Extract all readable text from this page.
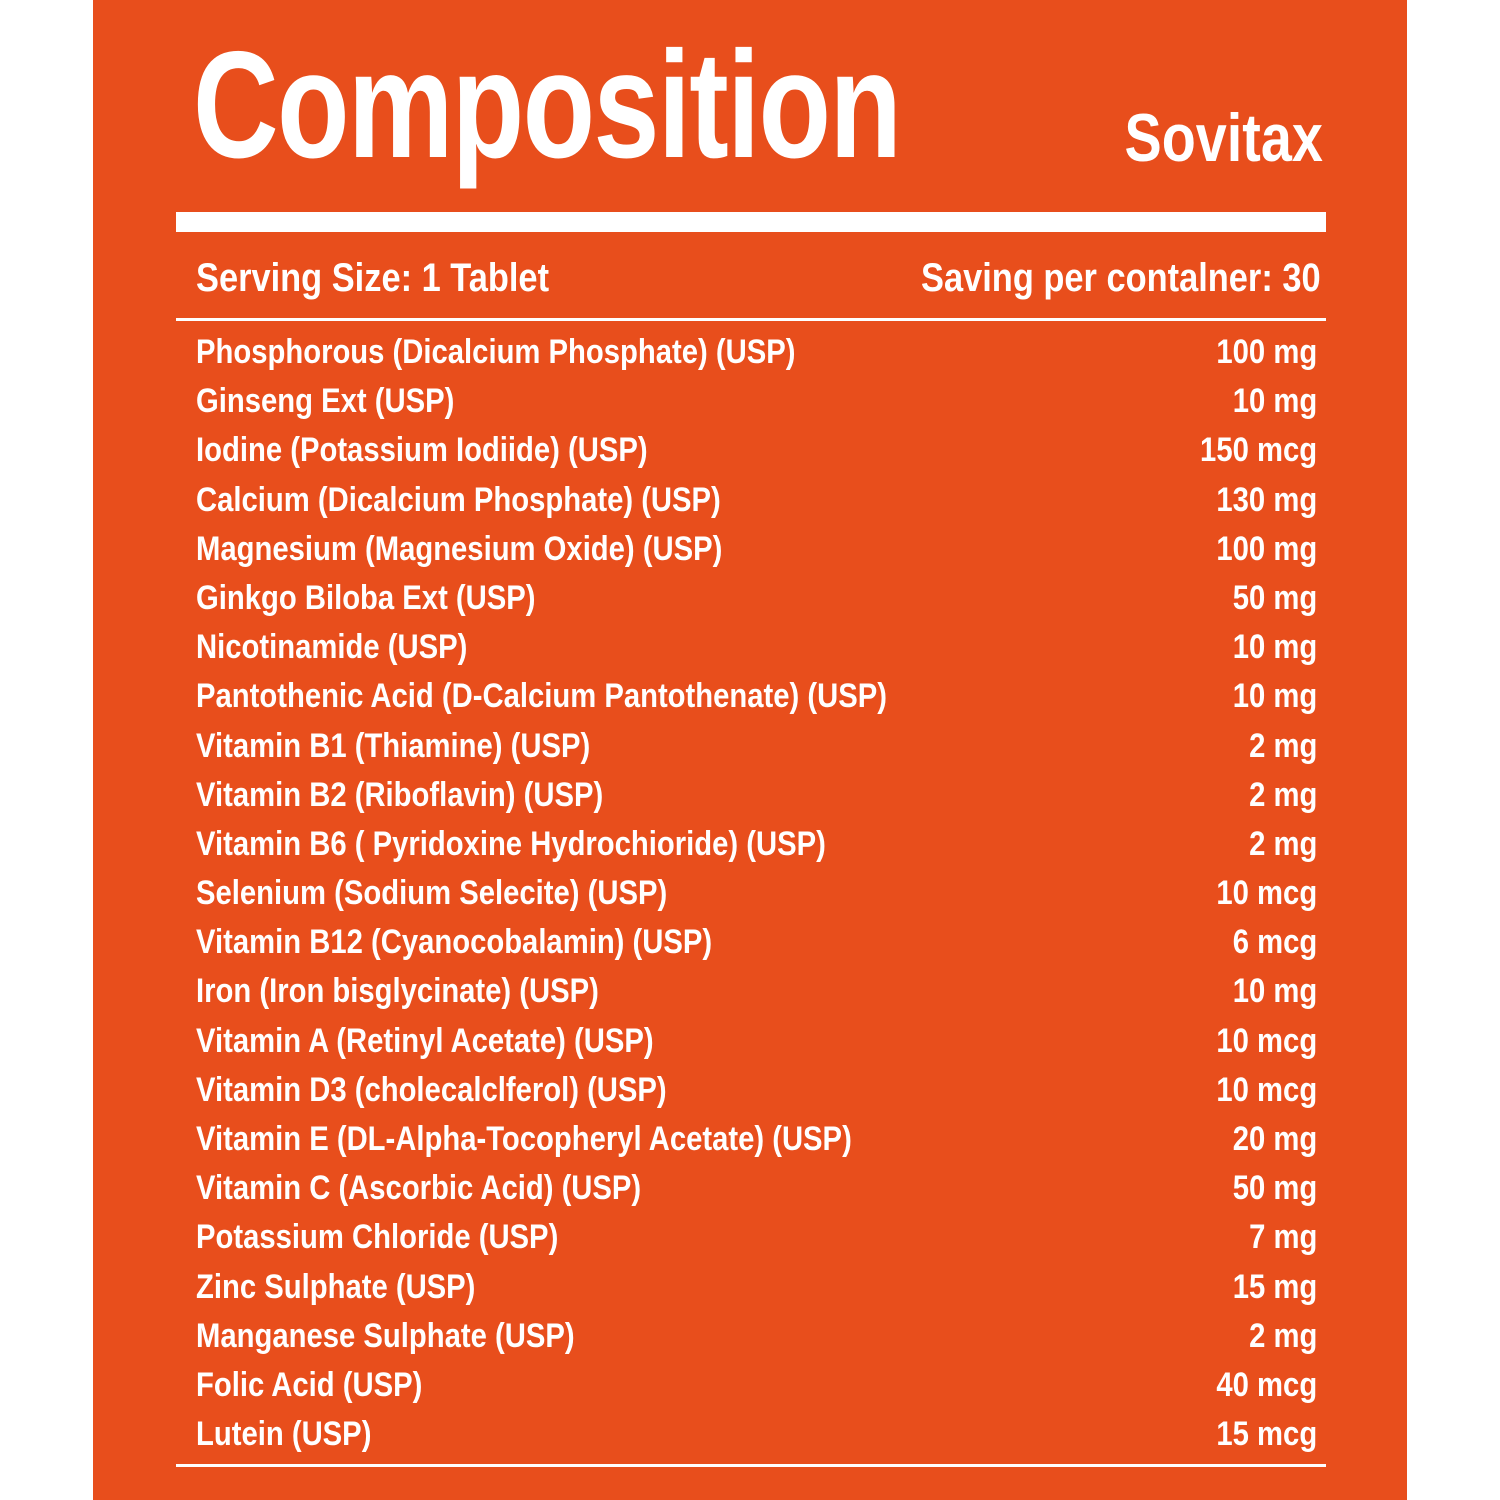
Composition	Sovitax
Serving Size: 1 Tablet	Saving per contalner: 30
Phosphorous (Dicalcium Phosphate) (USP)	100 mg
Ginseng Ext (USP)	10 mg
Iodine (Potassium Iodiide) (USP)	150 mcg
Calcium (Dicalcium Phosphate) (USP)	130 mg
Magnesium (Magnesium Oxide) (USP)	100 mg
Ginkgo Biloba Ext (USP)	50 mg
Nicotinamide (USP)	10 mg
Pantothenic Acid (D-Calcium Pantothenate) (USP)	10 mg
Vitamin B1 (Thiamine) (USP)	2 mg
Vitamin B2 (Riboflavin) (USP)	2 mg
Vitamin B6 ( Pyridoxine Hydrochioride) (USP)	2 mg
Selenium (Sodium Selecite) (USP)	10 mcg
Vitamin B12 (Cyanocobalamin) (USP)	6 mcg
Iron (Iron bisglycinate) (USP)	10 mg
Vitamin A (Retinyl Acetate) (USP)	10 mcg
Vitamin D3 (cholecalclferol) (USP)	10 mcg
Vitamin E (DL-Alpha-Tocopheryl Acetate) (USP)	20 mg
Vitamin C (Ascorbic Acid) (USP)	50 mg
Potassium Chloride (USP)	7 mg
Zinc Sulphate (USP)	15 mg
Manganese Sulphate (USP)	2 mg
Folic Acid (USP)	40 mcg
Lutein (USP)	15 mcg
